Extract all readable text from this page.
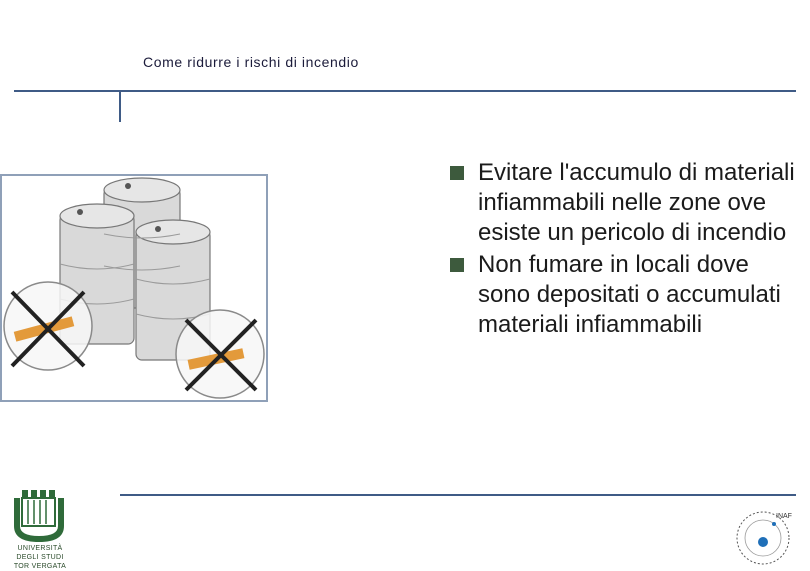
Come ridurre i rischi di incendio
Evitare l'accumulo di materiali infiammabili nelle zone ove esiste un pericolo di incendio
Non fumare in locali dove sono depositati o accumulati materiali infiammabili
UNIVERSITÀ DEGLI STUDI
TOR VERGATA
INAF
